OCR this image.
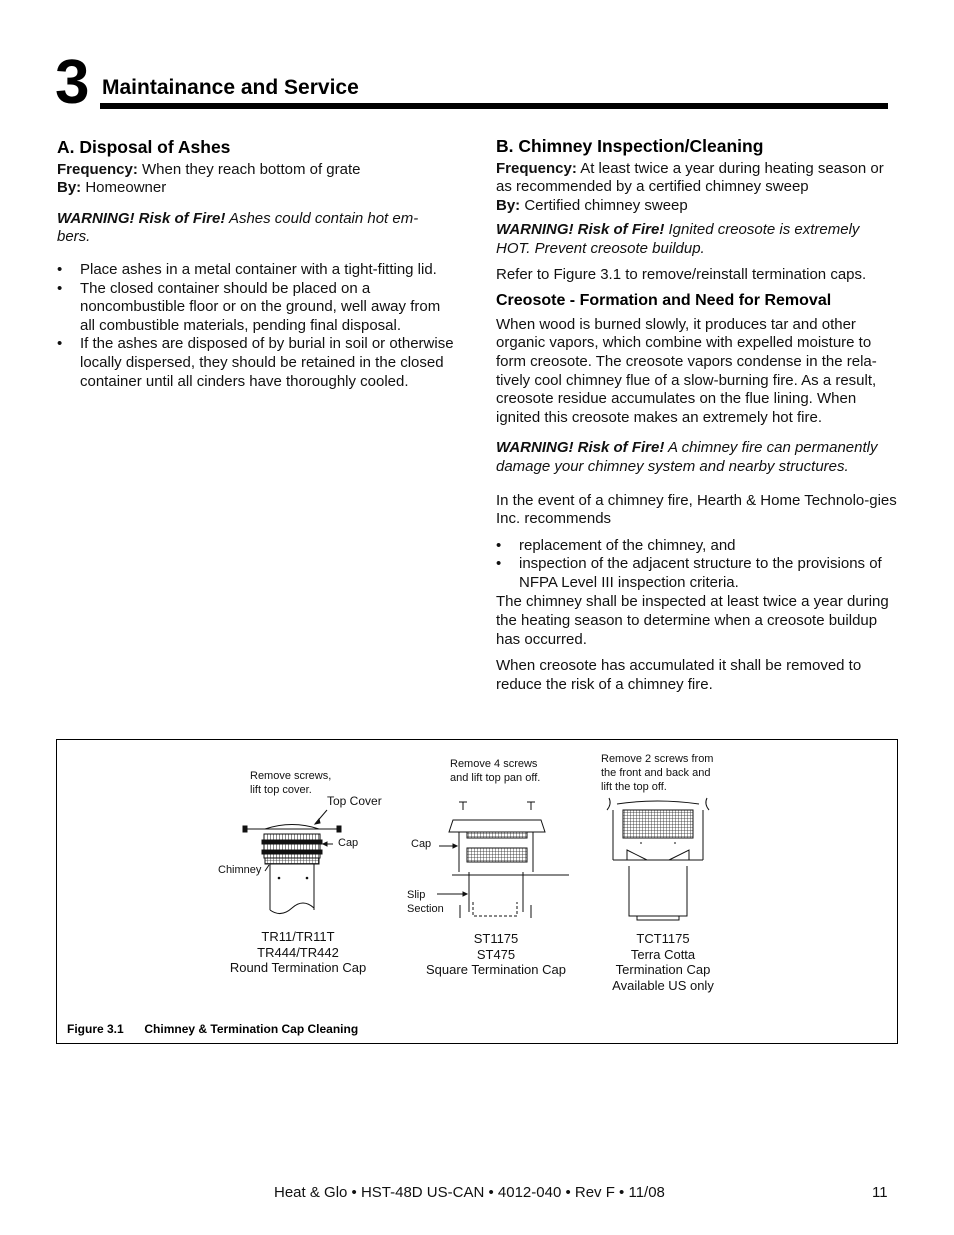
3 Maintainance and Service
A. Disposal of Ashes

Frequency: When they reach bottom of grate

By: Homeowner

WARNING! Risk of Fire! Ashes could contain hot em-bers.

• Place ashes in a metal container with a tight-fitting lid.
• The closed container should be placed on a noncombustible floor or on the ground, well away from all combustible materials, pending final disposal.
• If the ashes are disposed of by burial in soil or otherwise locally dispersed, they should be retained in the closed container until all cinders have thoroughly cooled.
B. Chimney Inspection/Cleaning

Frequency: At least twice a year during heating season or as recommended by a certified chimney sweep

By: Certified chimney sweep

WARNING! Risk of Fire! Ignited creosote is extremely HOT. Prevent creosote buildup.

Refer to Figure 3.1 to remove/reinstall termination caps.

Creosote - Formation and Need for Removal

When wood is burned slowly, it produces tar and other organic vapors, which combine with expelled moisture to form creosote. The creosote vapors condense in the rela-tively cool chimney flue of a slow-burning fire. As a result, creosote residue accumulates on the flue lining. When ignited this creosote makes an extremely hot fire.

WARNING! Risk of Fire! A chimney fire can permanently damage your chimney system and nearby structures.

In the event of a chimney fire, Hearth & Home Technolo-gies Inc. recommends

• replacement of the chimney, and
• inspection of the adjacent structure to the provisions of NFPA Level III inspection criteria.

The chimney shall be inspected at least twice a year during the heating season to determine when a creosote buildup has occurred.

When creosote has accumulated it shall be removed to reduce the risk of a chimney fire.

Remove screws,
lift top cover.
Top Cover
Cap
Chimney
TR11/TR11T
TR444/TR442
Round Termination Cap
Remove 4 screws
and lift top pan off.
Cap
Slip
Section
ST1175
ST475
Square Termination Cap
Remove 2 screws from
the front and back and
lift the top off.
TCT1175
Terra Cotta
Termination Cap
Available US only
Figure 3.1 Chimney & Termination Cap Cleaning
Heat & Glo • HST-48D US-CAN • 4012-040 • Rev F • 11/08	11
